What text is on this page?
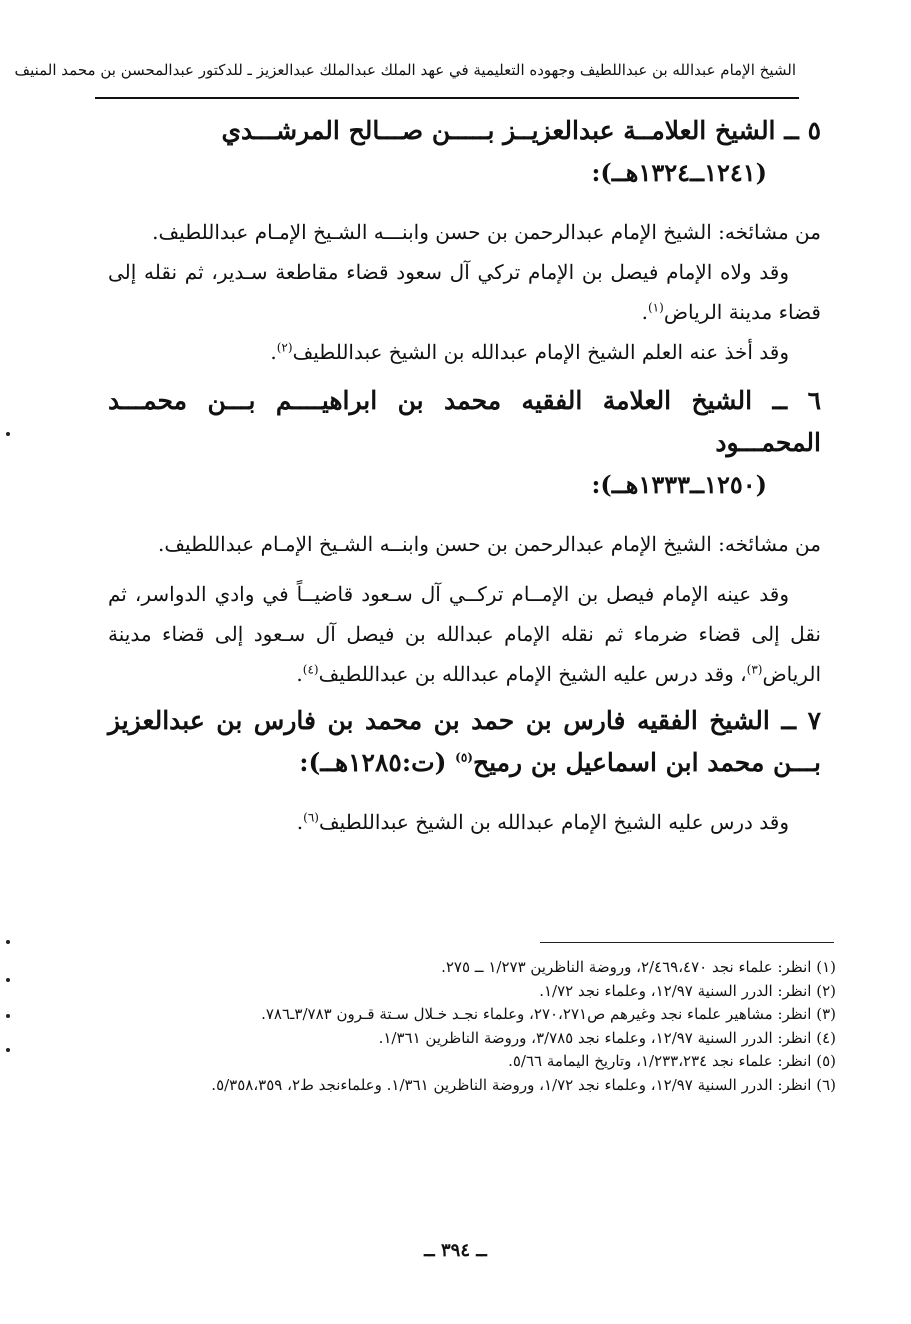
الشيخ الإمام عبدالله بن عبداللطيف وجهوده التعليمية في عهد الملك عبدالملك عبدالعزيز ـ للدكتور عبدالمحسن بن محمد المنيف

٥ ــ الشيخ العلامــة عبدالعزيــز بـــــن صـــالح المرشـــدي
(١٢٤١ــ١٣٢٤هــ):

من مشائخه: الشيخ الإمام عبدالرحمن بن حسن وابنـــه الشـيخ الإمـام عبداللطيف.

وقد ولاه الإمام فيصل بن الإمام تركي آل سعود قضاء مقاطعة سـدير، ثم نقله إلى قضاء مدينة الرياض$^{(١)}$.

وقد أخذ عنه العلم الشيخ الإمام عبدالله بن الشيخ عبداللطيف$^{(٢)}$.

٦ ــ الشيخ العلامة الفقيه محمد بن ابراهيــــم بـــن محمـــد المحمـــود
(١٢٥٠ــ١٣٣٣هــ):

من مشائخه: الشيخ الإمام عبدالرحمن بن حسن وابنــه الشـيخ الإمـام عبداللطيف.

وقد عينه الإمام فيصل بن الإمــام تركــي آل سـعود قاضيــاً في وادي الدواسر، ثم نقل إلى قضاء ضرماء ثم نقله الإمام عبدالله بن فيصل آل سـعود إلى قضاء مدينة الرياض$^{(٣)}$، وقد درس عليه الشيخ الإمام عبدالله بن عبداللطيف$^{(٤)}$.

٧ ــ الشيخ الفقيه فارس بن حمد بن محمد بن فارس بن عبدالعزيز بـــن محمد ابن اسماعيل بن رميح$^{(٥)}$ (ت:١٢٨٥هــ):

وقد درس عليه الشيخ الإمام عبدالله بن الشيخ عبداللطيف$^{(٦)}$.

(١) انظر: علماء نجد ٢/٤٦٩،٤٧٠، وروضة الناظرين ١/٢٧٣ ــ ٢٧٥.

(٢) انظر: الدرر السنية ١٢/٩٧، وعلماء نجد ١/٧٢.

(٣) انظر: مشاهير علماء نجد وغيرهم ص٢٧٠،٢٧١، وعلماء نجـد خـلال سـتة قـرون ٣/٧٨٣ـ٧٨٦.

(٤) انظر: الدرر السنية ١٢/٩٧، وعلماء نجد ٣/٧٨٥، وروضة الناظرين ١/٣٦١.

(٥) انظر: علماء نجد ١/٢٣٣،٢٣٤، وتاريخ اليمامة ٥/٦٦.

(٦) انظر: الدرر السنية ١٢/٩٧، وعلماء نجد ١/٧٢، وروضة الناظرين ١/٣٦١. وعلماءنجد ط٢، ٥/٣٥٨،٣٥٩.

ــ ٣٩٤ ــ
